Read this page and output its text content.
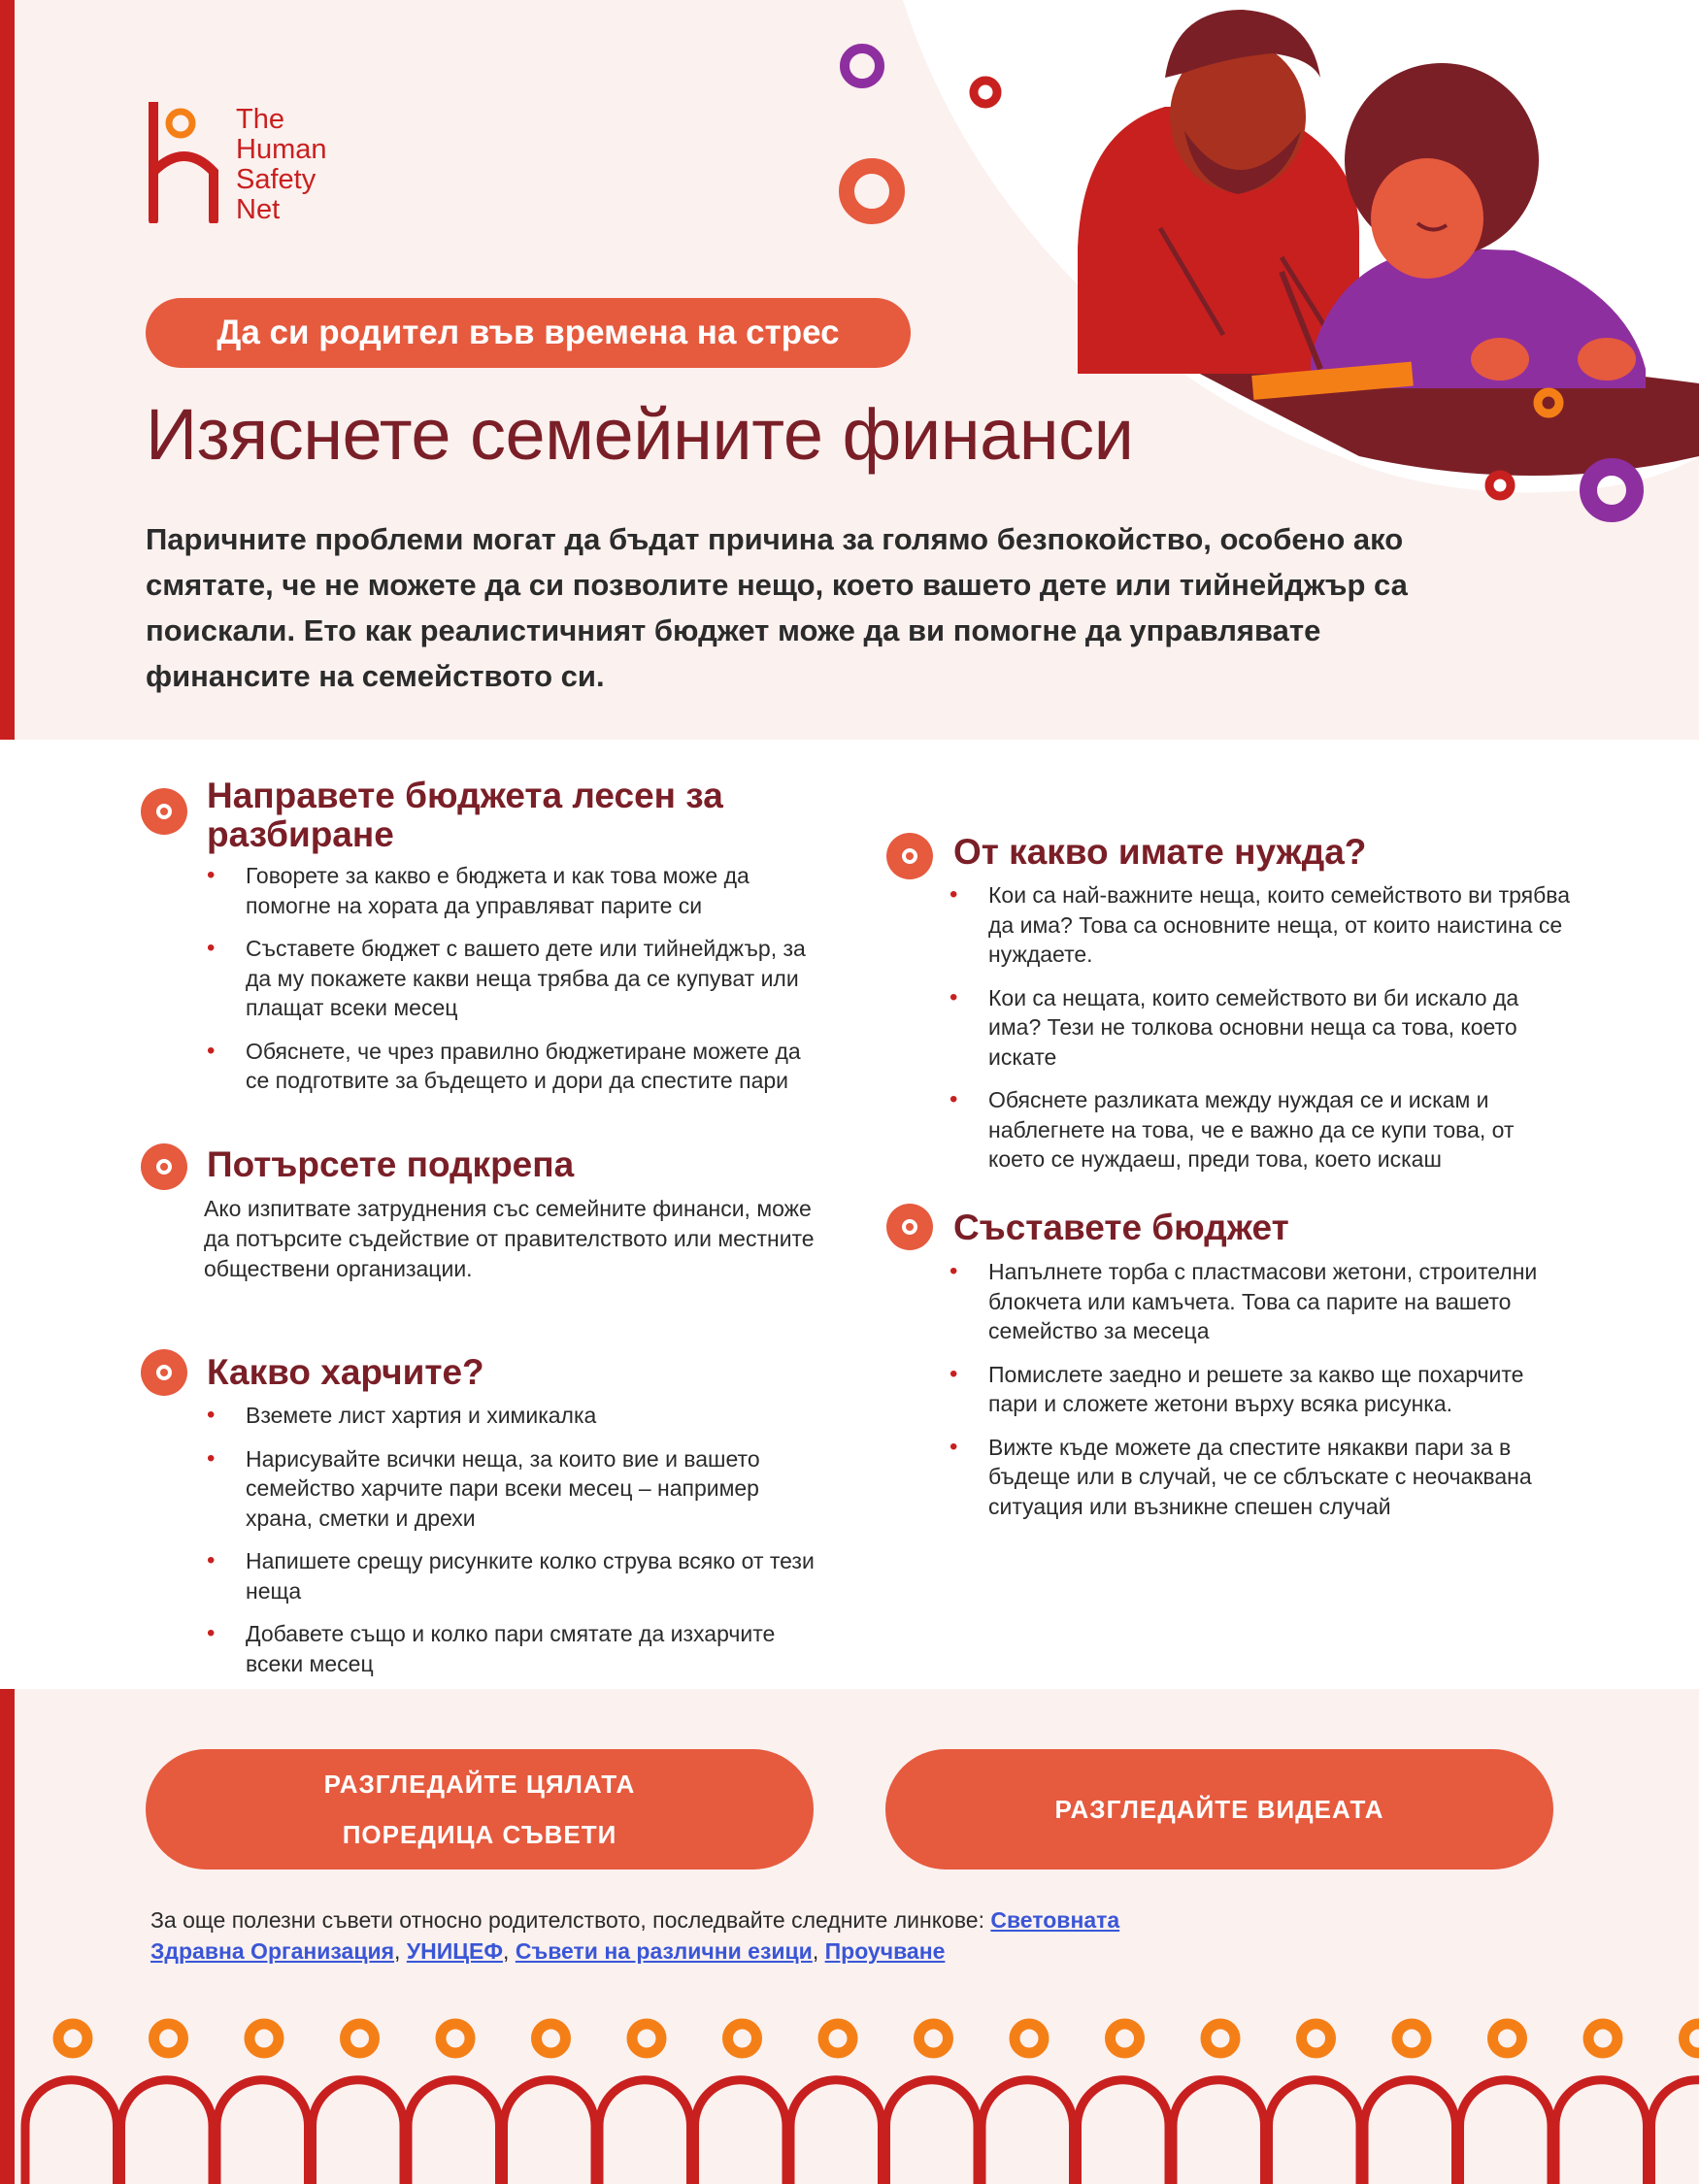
The
Human
Safety
Net
Да си родител във времена на стрес
Изяснете семейните финанси
Паричните проблеми могат да бъдат причина за голямо безпокойство, особено ако смятате, че не можете да си позволите нещо, което вашето дете или тийнейджър са поискали. Ето как реалистичният бюджет може да ви помогне да управлявате финансите на семейството си.
Направете бюджета лесен за разбиране
• Говорете за какво е бюджета и как това може да помогне на хората да управляват парите си
• Съставете бюджет с вашето дете или тийнейджър, за да му покажете какви неща трябва да се купуват или плащат всеки месец
• Обяснете, че чрез правилно бюджетиране можете да се подготвите за бъдещето и дори да спестите пари
Потърсете подкрепа
Ако изпитвате затруднения със семейните финанси, може да потърсите съдействие от правителството или местните обществени организации.
Какво харчите?
• Вземете лист хартия и химикалка
• Нарисувайте всички неща, за които вие и вашето семейство харчите пари всеки месец – например храна, сметки и дрехи
• Напишете срещу рисунките колко струва всяко от тези неща
• Добавете също и колко пари смятате да изхарчите всеки месец
От какво имате нужда?
• Кои са най-важните неща, които семейството ви трябва да има? Това са основните неща, от които наистина се нуждаете.
• Кои са нещата, които семейството ви би искало да има? Тези не толкова основни неща са това, което искате
• Обяснете разликата между нуждая се и искам и наблегнете на това, че е важно да се купи това, от което се нуждаеш, преди това, което искаш
Съставете бюджет
• Напълнете торба с пластмасови жетони, строителни блокчета или камъчета. Това са парите на вашето семейство за месеца
• Помислете заедно и решете за какво ще похарчите пари и сложете жетони върху всяка рисунка.
• Вижте къде можете да спестите някакви пари за в бъдеще или в случай, че се сблъскате с неочаквана ситуация или възникне спешен случай
РАЗГЛЕДАЙТЕ ЦЯЛАТА
ПОРЕДИЦА СЪВЕТИ
РАЗГЛЕДАЙТЕ ВИДЕАТА
За още полезни съвети относно родителството, последвайте следните линкове: Световната Здравна Организация, УНИЦЕФ, Съвети на различни езици, Проучване
